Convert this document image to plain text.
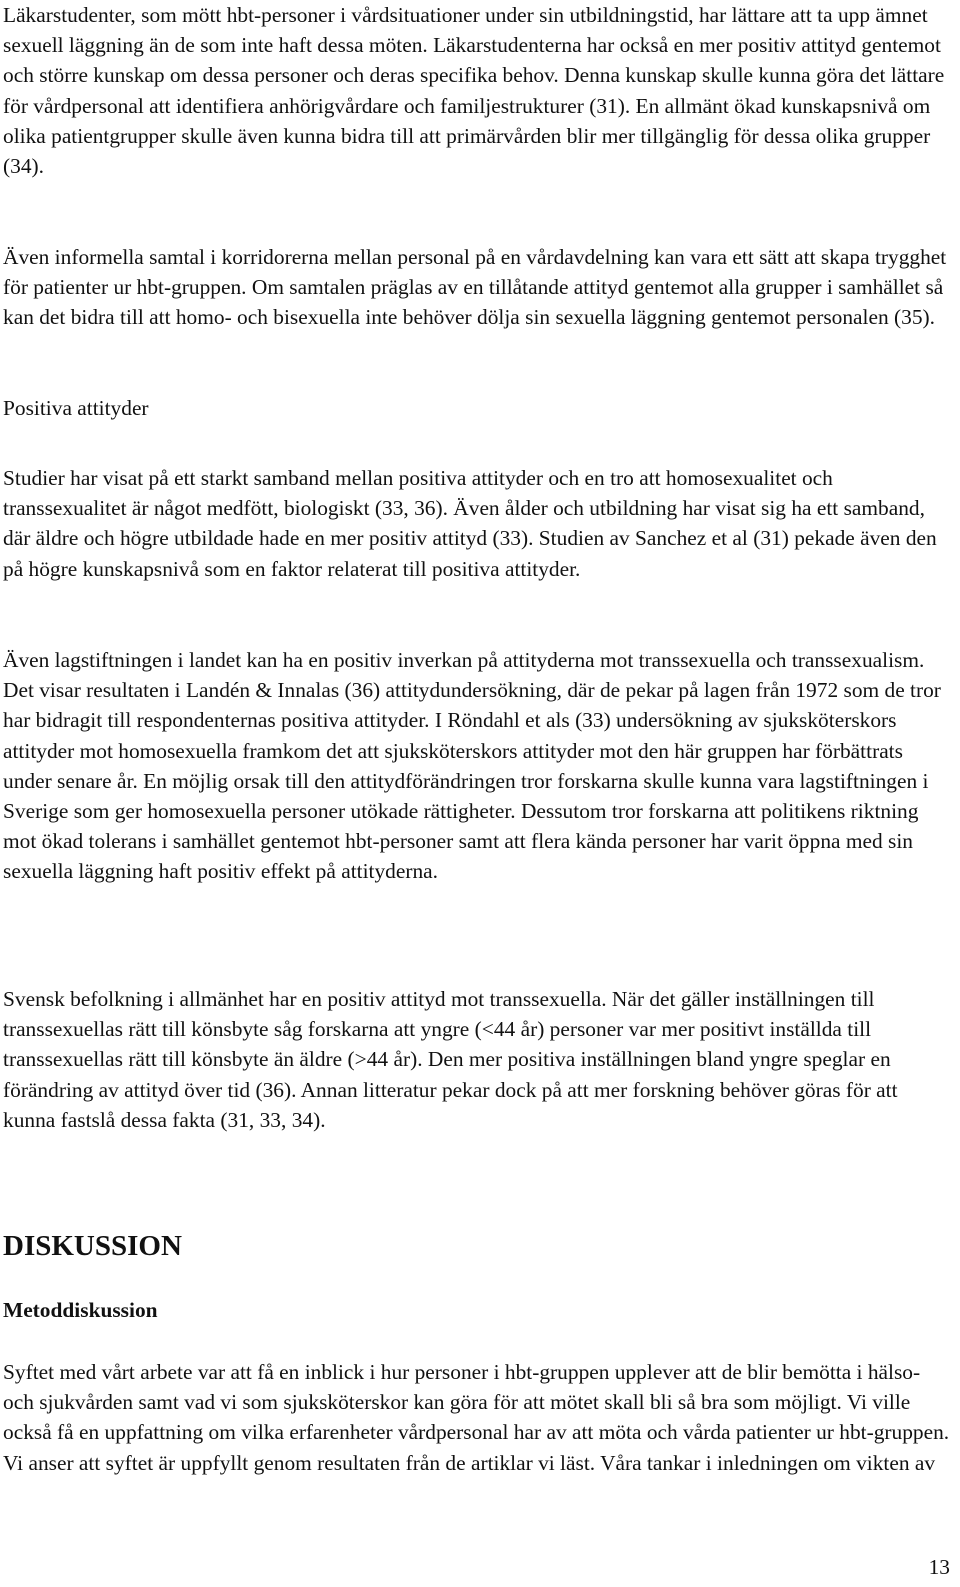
Läkarstudenter, som mött hbt-personer i vårdsituationer under sin utbildningstid, har lättare att ta upp ämnet sexuell läggning än de som inte haft dessa möten. Läkarstudenterna har också en mer positiv attityd gentemot och större kunskap om dessa personer och deras specifika behov. Denna kunskap skulle kunna göra det lättare för vårdpersonal att identifiera anhörigvårdare och familjestrukturer (31). En allmänt ökad kunskapsnivå om olika patientgrupper skulle även kunna bidra till att primärvården blir mer tillgänglig för dessa olika grupper (34).

Även informella samtal i korridorerna mellan personal på en vårdavdelning kan vara ett sätt att skapa trygghet för patienter ur hbt-gruppen. Om samtalen präglas av en tillåtande attityd gentemot alla grupper i samhället så kan det bidra till att homo- och bisexuella inte behöver dölja sin sexuella läggning gentemot personalen (35).

Positiva attityder

Studier har visat på ett starkt samband mellan positiva attityder och en tro att homosexualitet och transsexualitet är något medfött, biologiskt (33, 36). Även ålder och utbildning har visat sig ha ett samband, där äldre och högre utbildade hade en mer positiv attityd (33). Studien av Sanchez et al (31) pekade även den på högre kunskapsnivå som en faktor relaterat till positiva attityder.

Även lagstiftningen i landet kan ha en positiv inverkan på attityderna mot transsexuella och transsexualism. Det visar resultaten i Landén & Innalas (36) attitydundersökning, där de pekar på lagen från 1972 som de tror har bidragit till respondenternas positiva attityder. I Röndahl et als (33) undersökning av sjuksköterskors attityder mot homosexuella framkom det att sjuksköterskors attityder mot den här gruppen har förbättrats under senare år. En möjlig orsak till den attitydförändringen tror forskarna skulle kunna vara lagstiftningen i Sverige som ger homosexuella personer utökade rättigheter. Dessutom tror forskarna att politikens riktning mot ökad tolerans i samhället gentemot hbt-personer samt att flera kända personer har varit öppna med sin sexuella läggning haft positiv effekt på attityderna.

Svensk befolkning i allmänhet har en positiv attityd mot transsexuella. När det gäller inställningen till transsexuellas rätt till könsbyte såg forskarna att yngre (<44 år) personer var mer positivt inställda till transsexuellas rätt till könsbyte än äldre (>44 år). Den mer positiva inställningen bland yngre speglar en förändring av attityd över tid (36). Annan litteratur pekar dock på att mer forskning behöver göras för att kunna fastslå dessa fakta (31, 33, 34).

DISKUSSION
Metoddiskussion

Syftet med vårt arbete var att få en inblick i hur personer i hbt-gruppen upplever att de blir bemötta i hälso- och sjukvården samt vad vi som sjuksköterskor kan göra för att mötet skall bli så bra som möjligt. Vi ville också få en uppfattning om vilka erfarenheter vårdpersonal har av att möta och vårda patienter ur hbt-gruppen. Vi anser att syftet är uppfyllt genom resultaten från de artiklar vi läst. Våra tankar i inledningen om vikten av

13
